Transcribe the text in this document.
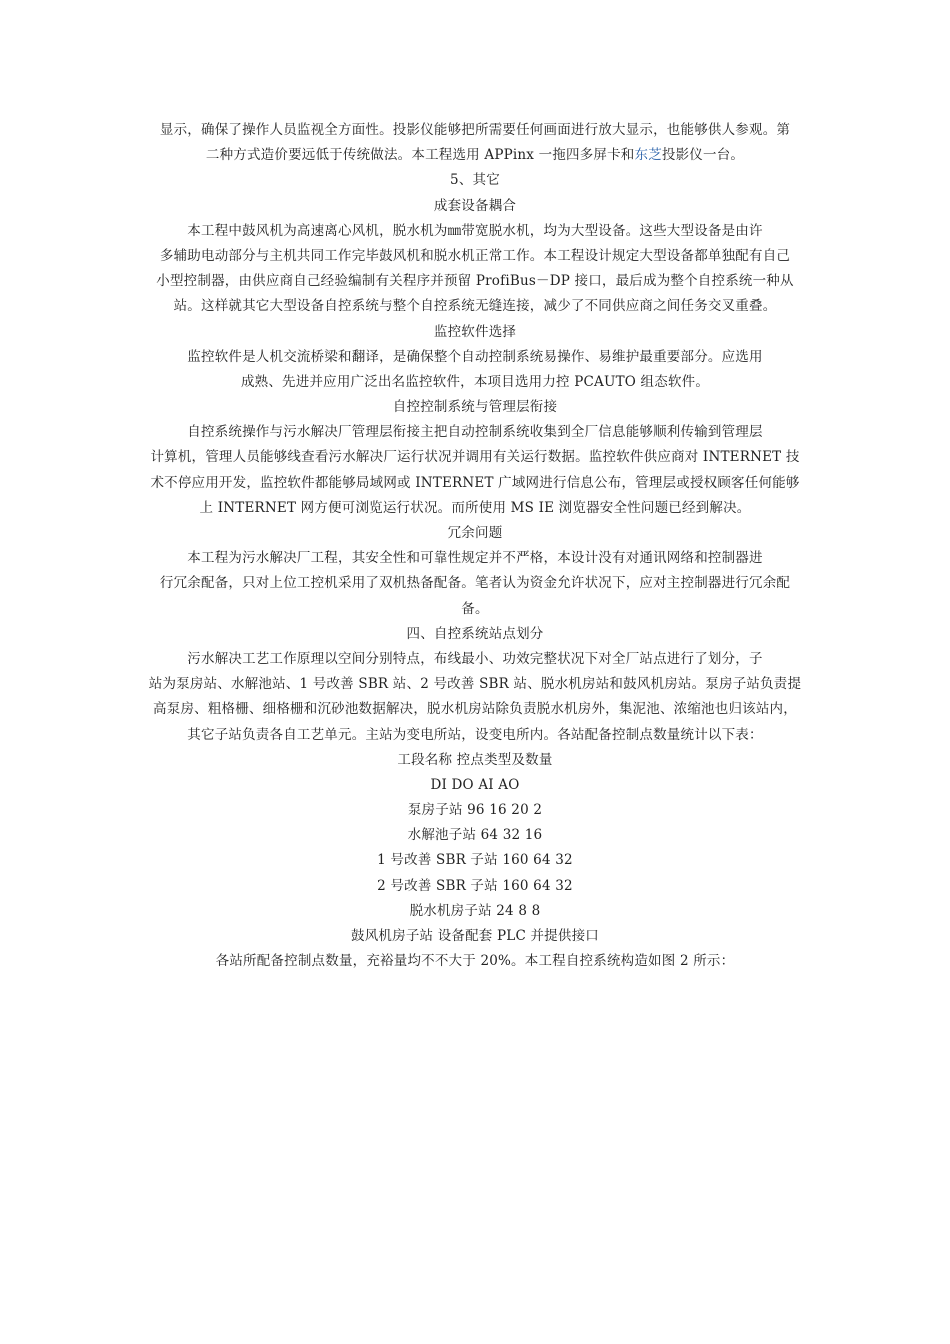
显示，确保了操作人员监视全方面性。投影仪能够把所需要任何画面进行放大显示，也能够供人参观。第
二种方式造价要远低于传统做法。本工程选用 APPinx 一拖四多屏卡和东芝投影仪一台。
5、其它
成套设备耦合
本工程中鼓风机为高速离心风机，脱水机为㎜带宽脱水机，均为大型设备。这些大型设备是由许
多辅助电动部分与主机共同工作完毕鼓风机和脱水机正常工作。本工程设计规定大型设备都单独配有自己
小型控制器，由供应商自己经验编制有关程序并预留 ProfiBus－DP 接口，最后成为整个自控系统一种从
站。这样就其它大型设备自控系统与整个自控系统无缝连接，减少了不同供应商之间任务交叉重叠。
监控软件选择
监控软件是人机交流桥梁和翻译，是确保整个自动控制系统易操作、易维护最重要部分。应选用
成熟、先进并应用广泛出名监控软件，本项目选用力控 PCAUTO 组态软件。
自控控制系统与管理层衔接
自控系统操作与污水解决厂管理层衔接主把自动控制系统收集到全厂信息能够顺利传输到管理层
计算机，管理人员能够线查看污水解决厂运行状况并调用有关运行数据。监控软件供应商对 INTERNET 技
术不停应用开发，监控软件都能够局域网或 INTERNET 广域网进行信息公布，管理层或授权顾客任何能够
上 INTERNET 网方便可浏览运行状况。而所使用 MS IE 浏览器安全性问题已经到解决。
冗余问题
本工程为污水解决厂工程，其安全性和可靠性规定并不严格，本设计没有对通讯网络和控制器进
行冗余配备，只对上位工控机采用了双机热备配备。笔者认为资金允许状况下，应对主控制器进行冗余配
备。
四、自控系统站点划分
污水解决工艺工作原理以空间分别特点，布线最小、功效完整状况下对全厂站点进行了划分，子
站为泵房站、水解池站、1 号改善 SBR 站、2 号改善 SBR 站、脱水机房站和鼓风机房站。泵房子站负责提
高泵房、粗格栅、细格栅和沉砂池数据解决，脱水机房站除负责脱水机房外，集泥池、浓缩池也归该站内，
其它子站负责各自工艺单元。主站为变电所站，设变电所内。各站配备控制点数量统计以下表：
工段名称 控点类型及数量
DI DO AI AO
泵房子站 96 16 20 2
水解池子站 64 32 16
1 号改善 SBR 子站 160 64 32
2 号改善 SBR 子站 160 64 32
脱水机房子站 24 8 8
鼓风机房子站 设备配套 PLC 并提供接口
各站所配备控制点数量，充裕量均不不大于 20%。本工程自控系统构造如图 2 所示：
